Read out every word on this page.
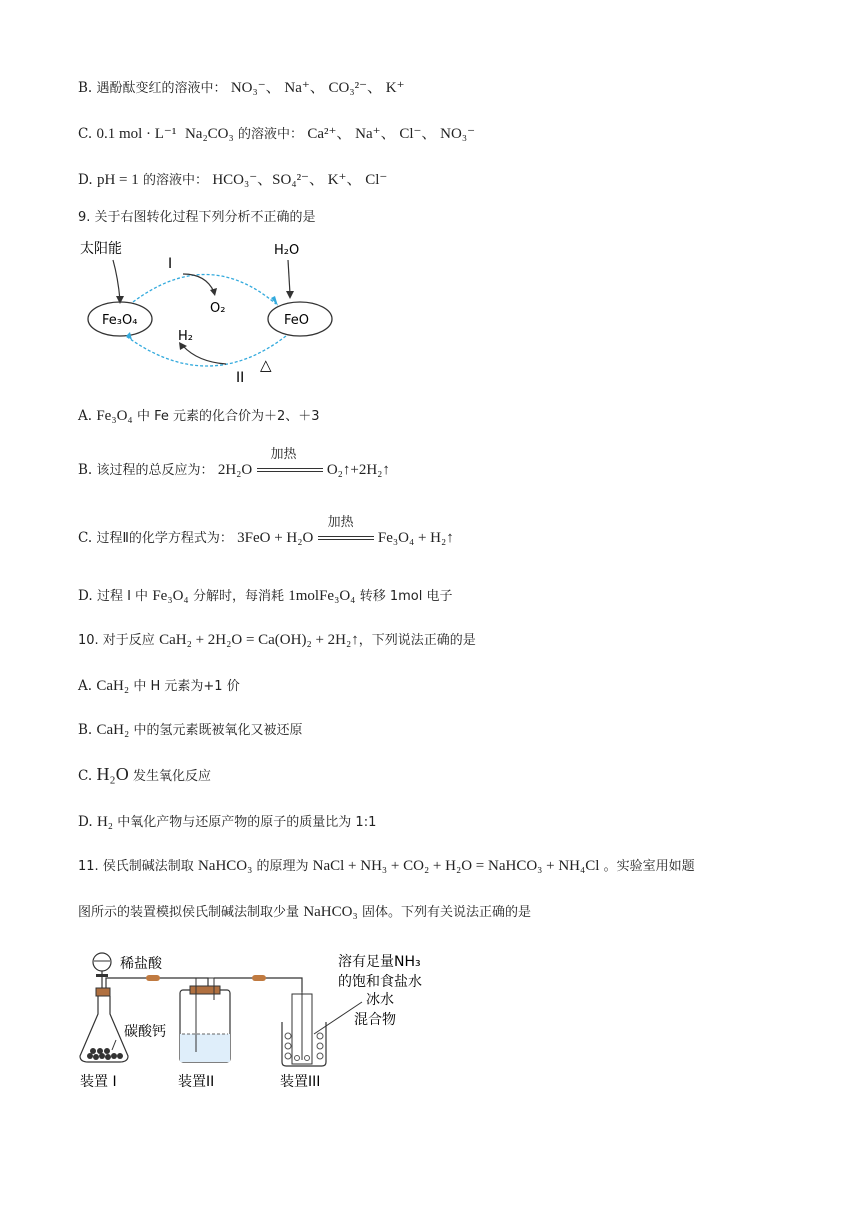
B. 遇酚酞变红的溶液中： NO₃⁻、 Na⁺、 CO₃²⁻、 K⁺
C. 0.1 mol · L⁻¹ Na₂CO₃ 的溶液中： Ca²⁺、 Na⁺、 Cl⁻、 NO₃⁻
D. pH = 1 的溶液中： HCO₃⁻、SO₄²⁻、 K⁺、 Cl⁻
9. 关于右图转化过程下列分析不正确的是
太阳能
Fe₃O₄	FeO
I
O₂
H₂O
H₂
II
△
A. Fe₃O₄ 中 Fe 元素的化合价为＋2、＋3
B. 该过程的总反应为： 2H₂O
加热
O₂↑+2H₂↑
C. 过程Ⅱ的化学方程式为： 3FeO + H₂O
加热
Fe₃O₄ + H₂↑
D. 过程 I 中 Fe₃O₄ 分解时，每消耗 1molFe₃O₄ 转移 1mol 电子
10. 对于反应 CaH₂ + 2H₂O = Ca(OH)₂ + 2H₂↑，下列说法正确的是
A. CaH₂ 中 H 元素为+1 价
B. CaH₂ 中的氢元素既被氧化又被还原
C. H₂O 发生氧化反应
D. H₂ 中氧化产物与还原产物的原子的质量比为 1:1
11. 侯氏制碱法制取 NaHCO₃ 的原理为 NaCl + NH₃ + CO₂ + H₂O = NaHCO₃ + NH₄Cl 。实验室用如题
图所示的装置模拟侯氏制碱法制取少量 NaHCO₃ 固体。下列有关说法正确的是
稀盐酸
碳酸钙
溶有足量NH₃
的饱和食盐水
冰水
混合物
装置 I	装置II	装置III
